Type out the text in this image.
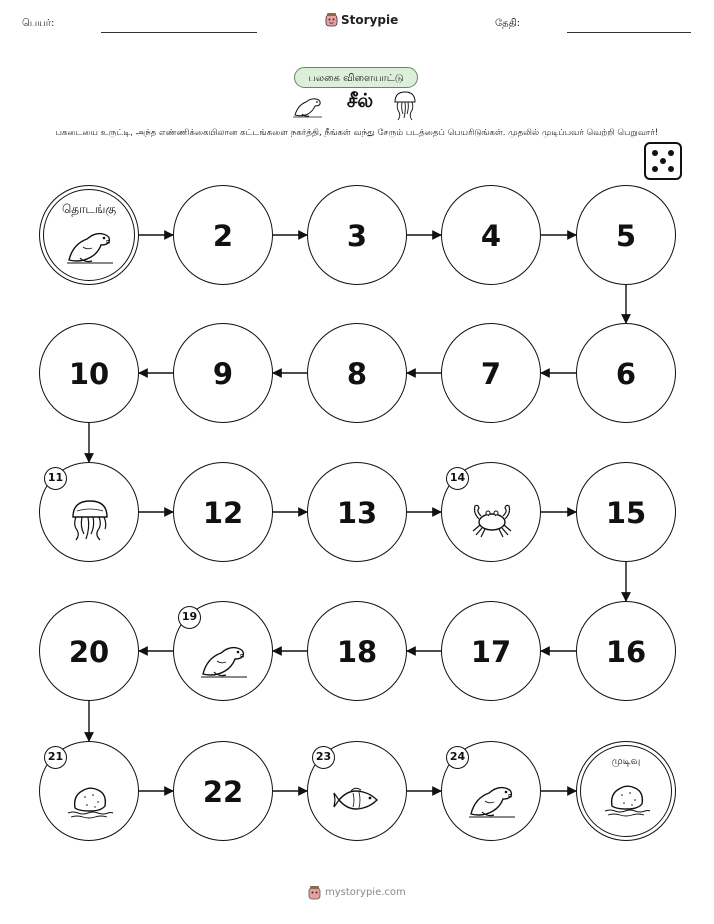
பெயர்:	Storypie	தேதி:
பலகை விளையாட்டு
சீல்
பகடையை உருட்டி, அந்த எண்ணிக்கையிலான கட்டங்களை நகர்த்தி, நீங்கள் வந்து சேரும் படத்தைப் பெயரிடுங்கள். முதலில் முடிப்பவர் வெற்றி பெறுவார்!
தொடங்கு
2	3	4	5
6
7
8
9
10
11
12	13
14
15
16
17
18
19
20
21
22
23	24	முடிவு
mystorypie.com
